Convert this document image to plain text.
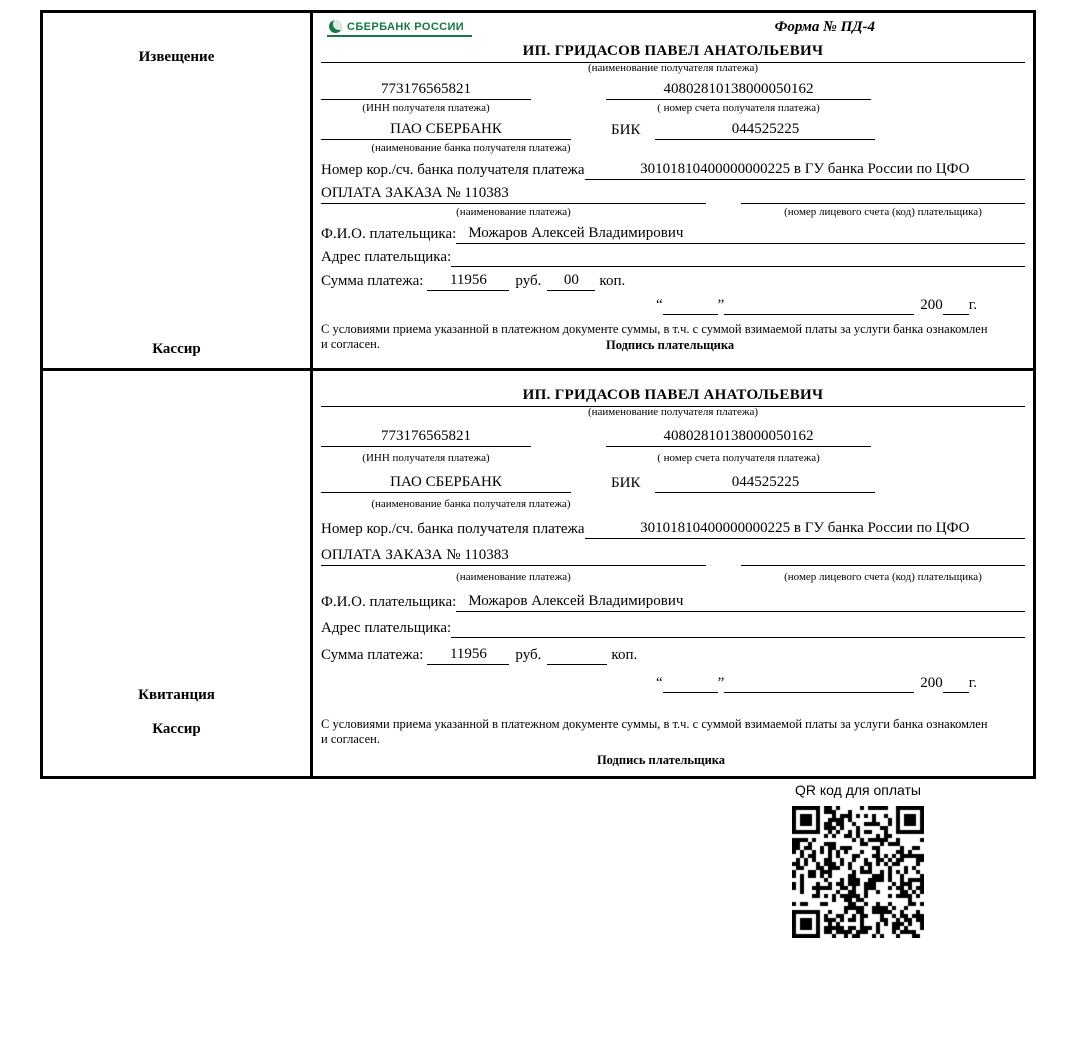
Извещение
Кассир
СБЕРБАНК РОССИИ	Форма № ПД-4
ИП. ГРИДАСОВ ПАВЕЛ АНАТОЛЬЕВИЧ
(наименование получателя платежа)
773176565821	40802810138000050162
(ИНН получателя платежа)	( номер счета получателя платежа)
ПАО СБЕРБАНК	БИК	044525225
(наименование банка получателя платежа)
Номер кор./сч. банка получателя платежа	30101810400000000225 в ГУ банка России по ЦФО
ОПЛАТА ЗАКАЗА № 110383
(наименование платежа)	(номер лицевого счета (код) плательщика)
Ф.И.О. плательщика: Можаров Алексей Владимирович
Адрес плательщика:
Сумма платежа:	11956	руб.	00	коп.
“	”	200 г.
С условиями приема указанной в платежном документе суммы, в т.ч. с суммой взимаемой платы за услуги банка ознакомлен и согласен.	Подпись плательщика
Квитанция
Кассир
ИП. ГРИДАСОВ ПАВЕЛ АНАТОЛЬЕВИЧ
(наименование получателя платежа)
773176565821	40802810138000050162
(ИНН получателя платежа)	( номер счета получателя платежа)
ПАО СБЕРБАНК	БИК	044525225
(наименование банка получателя платежа)
Номер кор./сч. банка получателя платежа	30101810400000000225 в ГУ банка России по ЦФО
ОПЛАТА ЗАКАЗА № 110383
(наименование платежа)	(номер лицевого счета (код) плательщика)
Ф.И.О. плательщика: Можаров Алексей Владимирович
Адрес плательщика:
Сумма платежа:	11956	руб.	коп.
“	”	200 г.
С условиями приема указанной в платежном документе суммы, в т.ч. с суммой взимаемой платы за услуги банка ознакомлен и согласен.
Подпись плательщика
QR код для оплаты
